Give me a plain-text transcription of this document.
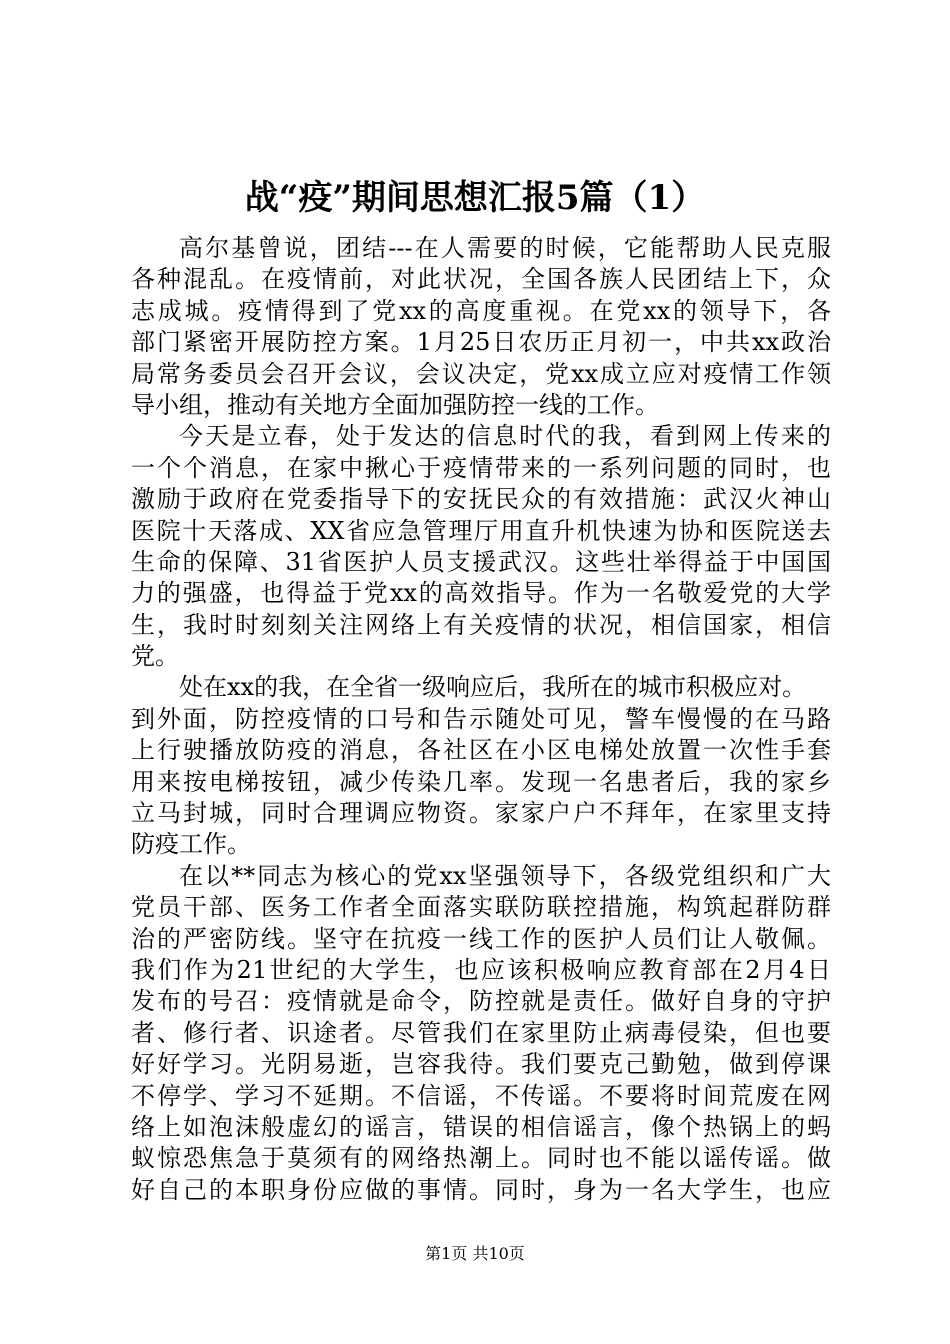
战“疫”期间思想汇报5篇（1）
高尔基曾说，团结---在人需要的时候，它能帮助人民克服
各种混乱。在疫情前，对此状况，全国各族人民团结上下，众
志成城。疫情得到了党xx的高度重视。在党xx的领导下，各
部门紧密开展防控方案。1月25日农历正月初一，中共xx政治
局常务委员会召开会议，会议决定，党xx成立应对疫情工作领
导小组，推动有关地方全面加强防控一线的工作。
今天是立春，处于发达的信息时代的我，看到网上传来的
一个个消息，在家中揪心于疫情带来的一系列问题的同时，也
激励于政府在党委指导下的安抚民众的有效措施：武汉火神山
医院十天落成、XX省应急管理厅用直升机快速为协和医院送去
生命的保障、31省医护人员支援武汉。这些壮举得益于中国国
力的强盛，也得益于党xx的高效指导。作为一名敬爱党的大学
生，我时时刻刻关注网络上有关疫情的状况，相信国家，相信
党。
处在xx的我，在全省一级响应后，我所在的城市积极应对。
到外面，防控疫情的口号和告示随处可见，警车慢慢的在马路
上行驶播放防疫的消息，各社区在小区电梯处放置一次性手套
用来按电梯按钮，减少传染几率。发现一名患者后，我的家乡
立马封城，同时合理调应物资。家家户户不拜年，在家里支持
防疫工作。
在以**同志为核心的党xx坚强领导下，各级党组织和广大
党员干部、医务工作者全面落实联防联控措施，构筑起群防群
治的严密防线。坚守在抗疫一线工作的医护人员们让人敬佩。
我们作为21世纪的大学生，也应该积极响应教育部在2月4日
发布的号召：疫情就是命令，防控就是责任。做好自身的守护
者、修行者、识途者。尽管我们在家里防止病毒侵染，但也要
好好学习。光阴易逝，岂容我待。我们要克己勤勉，做到停课
不停学、学习不延期。不信谣，不传谣。不要将时间荒废在网
络上如泡沫般虚幻的谣言，错误的相信谣言，像个热锅上的蚂
蚁惊恐焦急于莫须有的网络热潮上。同时也不能以谣传谣。做
好自己的本职身份应做的事情。同时，身为一名大学生，也应
第1页 共10页
